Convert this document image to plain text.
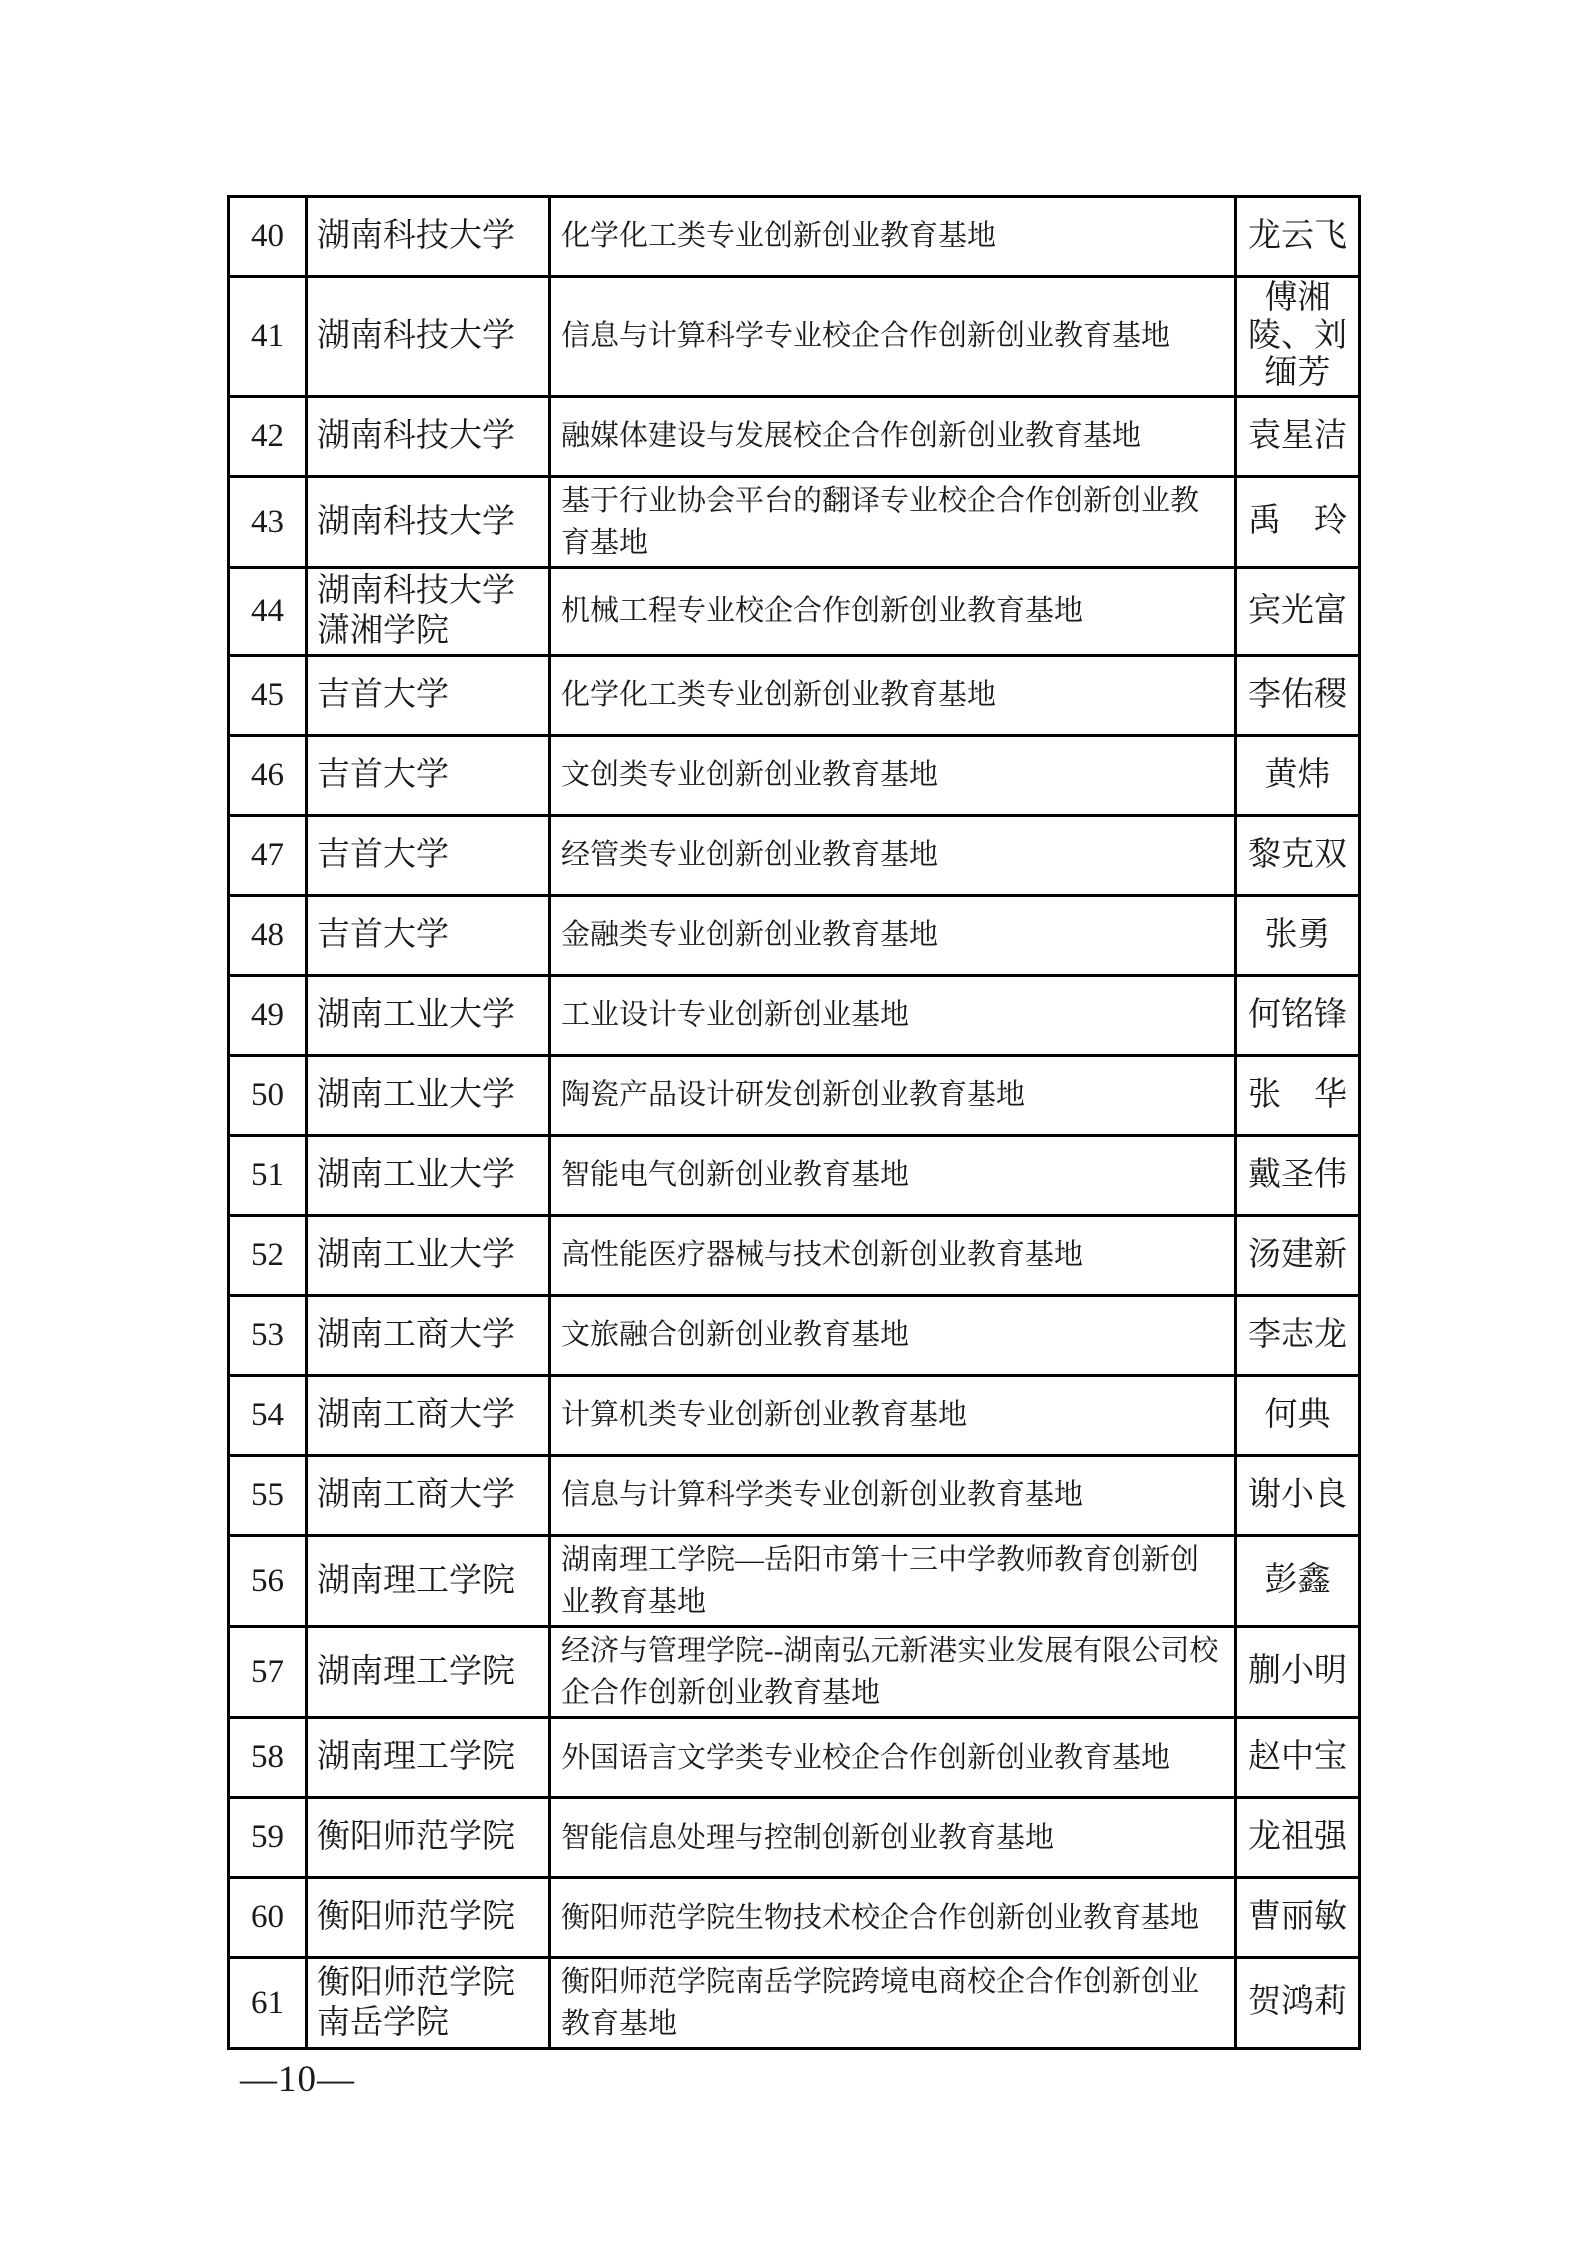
40	湖南科技大学	化学化工类专业创新创业教育基地	龙云飞
41	湖南科技大学	信息与计算科学专业校企合作创新创业教育基地	傅湘陵、刘缅芳
42	湖南科技大学	融媒体建设与发展校企合作创新创业教育基地	袁星洁
43	湖南科技大学	基于行业协会平台的翻译专业校企合作创新创业教育基地	禹　玲
44	湖南科技大学潇湘学院	机械工程专业校企合作创新创业教育基地	宾光富
45	吉首大学	化学化工类专业创新创业教育基地	李佑稷
46	吉首大学	文创类专业创新创业教育基地	黄炜
47	吉首大学	经管类专业创新创业教育基地	黎克双
48	吉首大学	金融类专业创新创业教育基地	张勇
49	湖南工业大学	工业设计专业创新创业基地	何铭锋
50	湖南工业大学	陶瓷产品设计研发创新创业教育基地	张　华
51	湖南工业大学	智能电气创新创业教育基地	戴圣伟
52	湖南工业大学	高性能医疗器械与技术创新创业教育基地	汤建新
53	湖南工商大学	文旅融合创新创业教育基地	李志龙
54	湖南工商大学	计算机类专业创新创业教育基地	何典
55	湖南工商大学	信息与计算科学类专业创新创业教育基地	谢小良
56	湖南理工学院	湖南理工学院—岳阳市第十三中学教师教育创新创业教育基地	彭鑫
57	湖南理工学院	经济与管理学院--湖南弘元新港实业发展有限公司校企合作创新创业教育基地	蒯小明
58	湖南理工学院	外国语言文学类专业校企合作创新创业教育基地	赵中宝
59	衡阳师范学院	智能信息处理与控制创新创业教育基地	龙祖强
60	衡阳师范学院	衡阳师范学院生物技术校企合作创新创业教育基地	曹丽敏
61	衡阳师范学院南岳学院	衡阳师范学院南岳学院跨境电商校企合作创新创业教育基地	贺鸿莉
—10—
